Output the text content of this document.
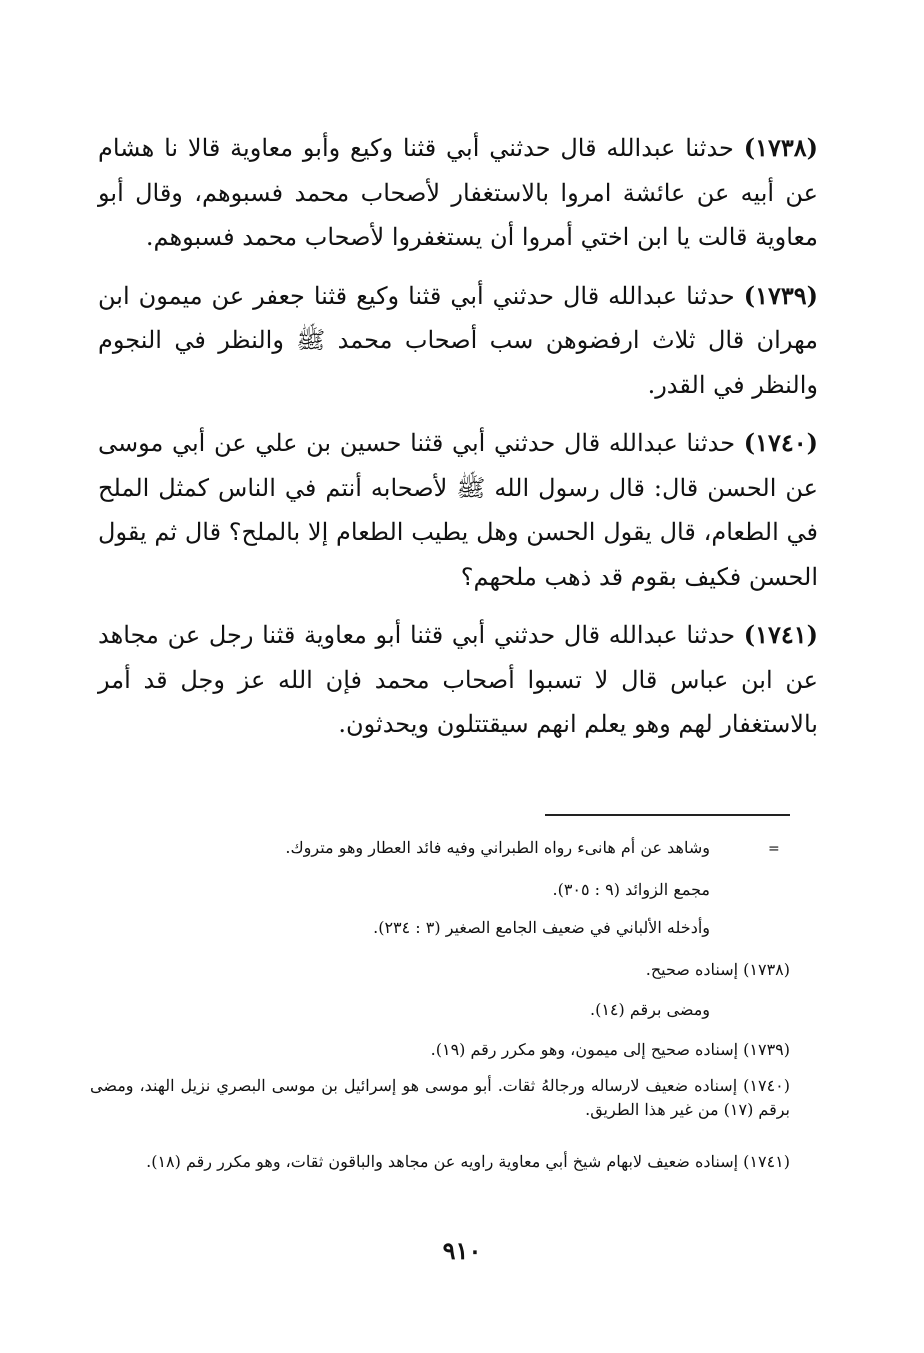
(١٧٣٨) حدثنا عبدالله قال حدثني أبي قثنا وكيع وأبو معاوية قالا نا هشام عن أبيه عن عائشة امروا بالاستغفار لأصحاب محمد فسبوهم، وقال أبو معاوية قالت يا ابن اختي أمروا أن يستغفروا لأصحاب محمد فسبوهم.

(١٧٣٩) حدثنا عبدالله قال حدثني أبي قثنا وكيع قثنا جعفر عن ميمون ابن مهران قال ثلاث ارفضوهن سب أصحاب محمد ﷺ والنظر في النجوم والنظر في القدر.

(١٧٤٠) حدثنا عبدالله قال حدثني أبي قثنا حسين بن علي عن أبي موسى عن الحسن قال: قال رسول الله ﷺ لأصحابه أنتم في الناس كمثل الملح في الطعام، قال يقول الحسن وهل يطيب الطعام إلا بالملح؟ قال ثم يقول الحسن فكيف بقوم قد ذهب ملحهم؟

(١٧٤١) حدثنا عبدالله قال حدثني أبي قثنا أبو معاوية قثنا رجل عن مجاهد عن ابن عباس قال لا تسبوا أصحاب محمد فإن الله عز وجل قد أمر بالاستغفار لهم وهو يعلم انهم سيقتتلون ويحدثون.

=
وشاهد عن أم هانىء رواه الطبراني وفيه فائد العطار وهو متروك.
مجمع الزوائد (٩ : ٣٠٥).
وأدخله الألباني في ضعيف الجامع الصغير (٣ : ٢٣٤).
(١٧٣٨) إسناده صحيح.
ومضى برقم (١٤).
(١٧٣٩) إسناده صحيح إلى ميمون، وهو مكرر رقم (١٩).
(١٧٤٠) إسناده ضعيف لارساله ورجالهُ ثقات. أبو موسى هو إسرائيل بن موسى البصري نزيل الهند، ومضى برقم (١٧) من غير هذا الطريق.
(١٧٤١) إسناده ضعيف لابهام شيخ أبي معاوية راويه عن مجاهد والباقون ثقات، وهو مكرر رقم (١٨).
٩١٠
